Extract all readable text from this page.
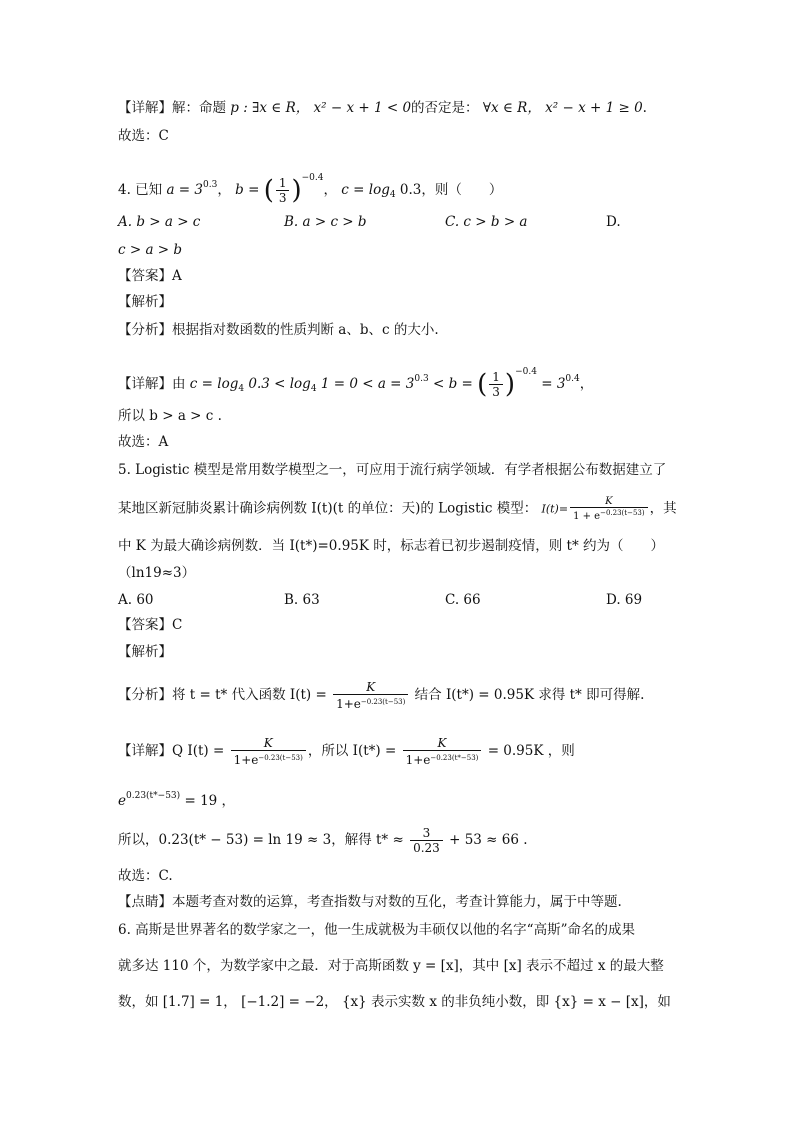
【详解】解：命题 p : ∃x ∈ R， x² − x + 1 < 0的否定是： ∀x ∈ R， x² − x + 1 ≥ 0.
故选：C
4. 已知 $a = 3^{0.3}$， b = ( $\frac{1}{3} )^{-0.4}$， $c = \log_4 0.3$，则（　　）
A. b > a > c	B. a > c > b	C. c > b > a	D.
c > a > b
【答案】A
【解析】
【分析】根据指对数函数的性质判断 a、b、c 的大小.
【详解】由 $c = \log_4 0.3 < \log_4 1 = 0 < a = 3^{0.3} < b$ = ( $\frac{1}{3} )^{-0.4} = 3^{0.4}$，
所以 b > a > c .
故选：A
5. Logistic 模型是常用数学模型之一，可应用于流行病学领域．有学者根据公布数据建立了
某地区新冠肺炎累计确诊病例数 I(t)(t 的单位：天)的 Logistic 模型： $I(t)= \frac{K}{1 + e^{-0.23(t-53)}}$ ，其
中 K 为最大确诊病例数．当 I(t*)=0.95K 时，标志着已初步遏制疫情，则 t* 约为（　　）
（ln19≈3）
A. 60	B. 63	C. 66	D. 69
【答案】C
【解析】
【分析】将 t = t* 代入函数 $I(t) = \frac{K}{1+e^{-0.23(t-53)}}$ 结合 I(t*) = 0.95K 求得 t* 即可得解.
【详解】Q $I(t) = \frac{K}{1+e^{-0.23(t-53)}}$ ，所以 $I(t*) = \frac{K}{1+e^{-0.23(t*-53)}} = 0.95K$ ，则
$e^{0.23(t*-53)} = 19$ ，
所以，0.23(t* − 53) = ln 19 ≈ 3，解得 $t* \approx \frac{3}{0.23} + 53 \approx 66$ .
故选：C.
【点睛】本题考查对数的运算，考查指数与对数的互化，考查计算能力，属于中等题.
6. 高斯是世界著名的数学家之一，他一生成就极为丰硕仅以他的名字“高斯”命名的成果
就多达 110 个，为数学家中之最．对于高斯函数 y = [x]，其中 [x] 表示不超过 x 的最大整
数，如 [1.7] = 1， [−1.2] = −2， {x} 表示实数 x 的非负纯小数，即 {x} = x − [x]，如
